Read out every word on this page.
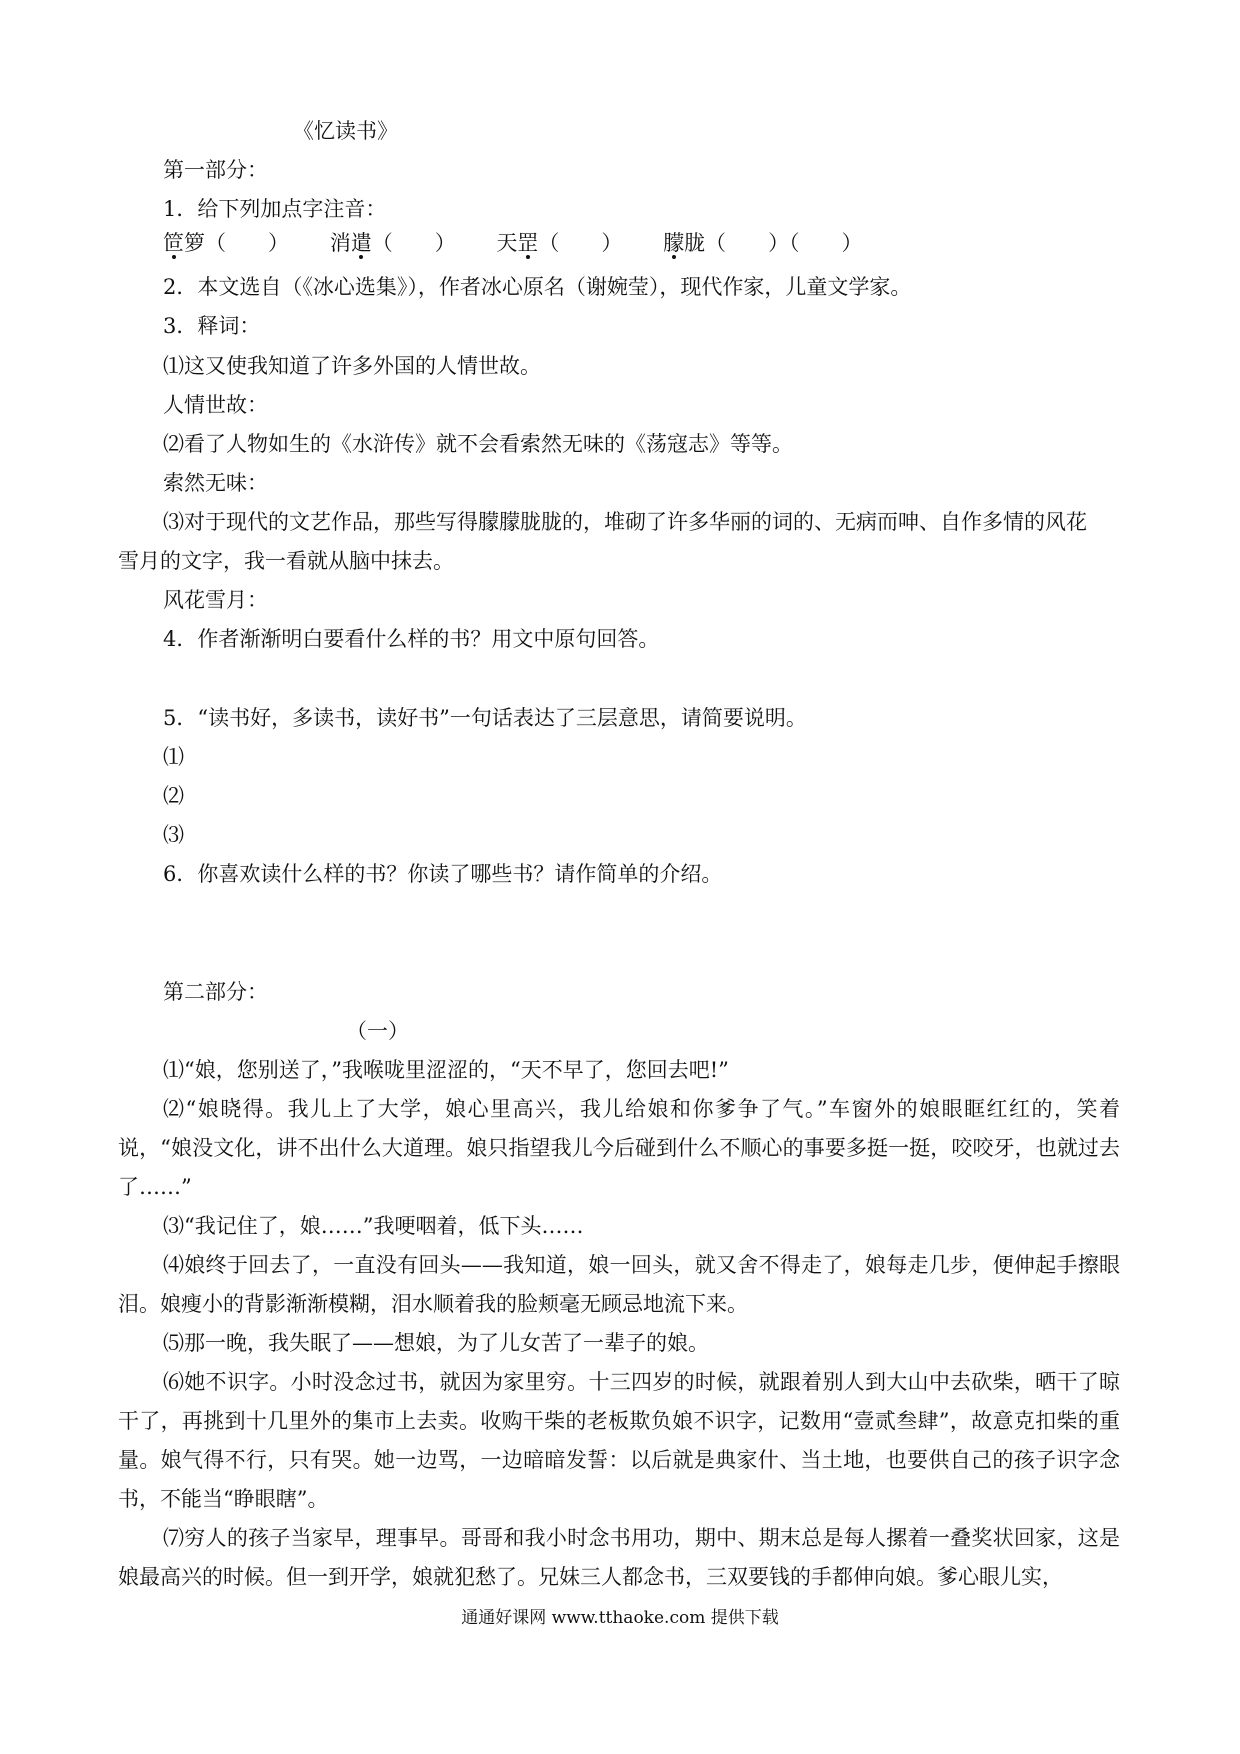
《忆读书》
第一部分：
1．给下列加点字注音：
笸箩（ ） 消遣（ ） 天罡（ ） 朦胧（ ）（　　）
2．本文选自（《冰心选集》），作者冰心原名（谢婉莹），现代作家，儿童文学家。
3．释词：
⑴这又使我知道了许多外国的人情世故。
人情世故：
⑵看了人物如生的《水浒传》就不会看索然无味的《荡寇志》等等。
索然无味：
⑶对于现代的文艺作品，那些写得朦朦胧胧的，堆砌了许多华丽的词的、无病而呻、自作多情的风花
雪月的文字，我一看就从脑中抹去。
风花雪月：
4．作者渐渐明白要看什么样的书？用文中原句回答。
5．“读书好，多读书，读好书”一句话表达了三层意思，请简要说明。
⑴
⑵
⑶
6．你喜欢读什么样的书？你读了哪些书？请作简单的介绍。
第二部分：
（一）
⑴“娘，您别送了，”我喉咙里涩涩的，“天不早了，您回去吧!”
⑵“娘晓得。我儿上了大学，娘心里高兴，我儿给娘和你爹争了气。”车窗外的娘眼眶红红的，笑着说，“娘没文化，讲不出什么大道理。娘只指望我儿今后碰到什么不顺心的事要多挺一挺，咬咬牙，也就过去了……”
⑶“我记住了，娘……”我哽咽着，低下头……
⑷娘终于回去了，一直没有回头——我知道，娘一回头，就又舍不得走了，娘每走几步，便伸起手擦眼泪。娘瘦小的背影渐渐模糊，泪水顺着我的脸颊毫无顾忌地流下来。
⑸那一晚，我失眠了——想娘，为了儿女苦了一辈子的娘。
⑹她不识字。小时没念过书，就因为家里穷。十三四岁的时候，就跟着别人到大山中去砍柴，晒干了晾干了，再挑到十几里外的集市上去卖。收购干柴的老板欺负娘不识字，记数用“壹贰叁肆”，故意克扣柴的重量。娘气得不行，只有哭。她一边骂，一边暗暗发誓：以后就是典家什、当土地，也要供自己的孩子识字念书，不能当“睁眼瞎”。
⑺穷人的孩子当家早，理事早。哥哥和我小时念书用功，期中、期末总是每人摞着一叠奖状回家，这是娘最高兴的时候。但一到开学，娘就犯愁了。兄妹三人都念书，三双要钱的手都伸向娘。爹心眼儿实，
通通好课网 www.tthaoke.com 提供下载
